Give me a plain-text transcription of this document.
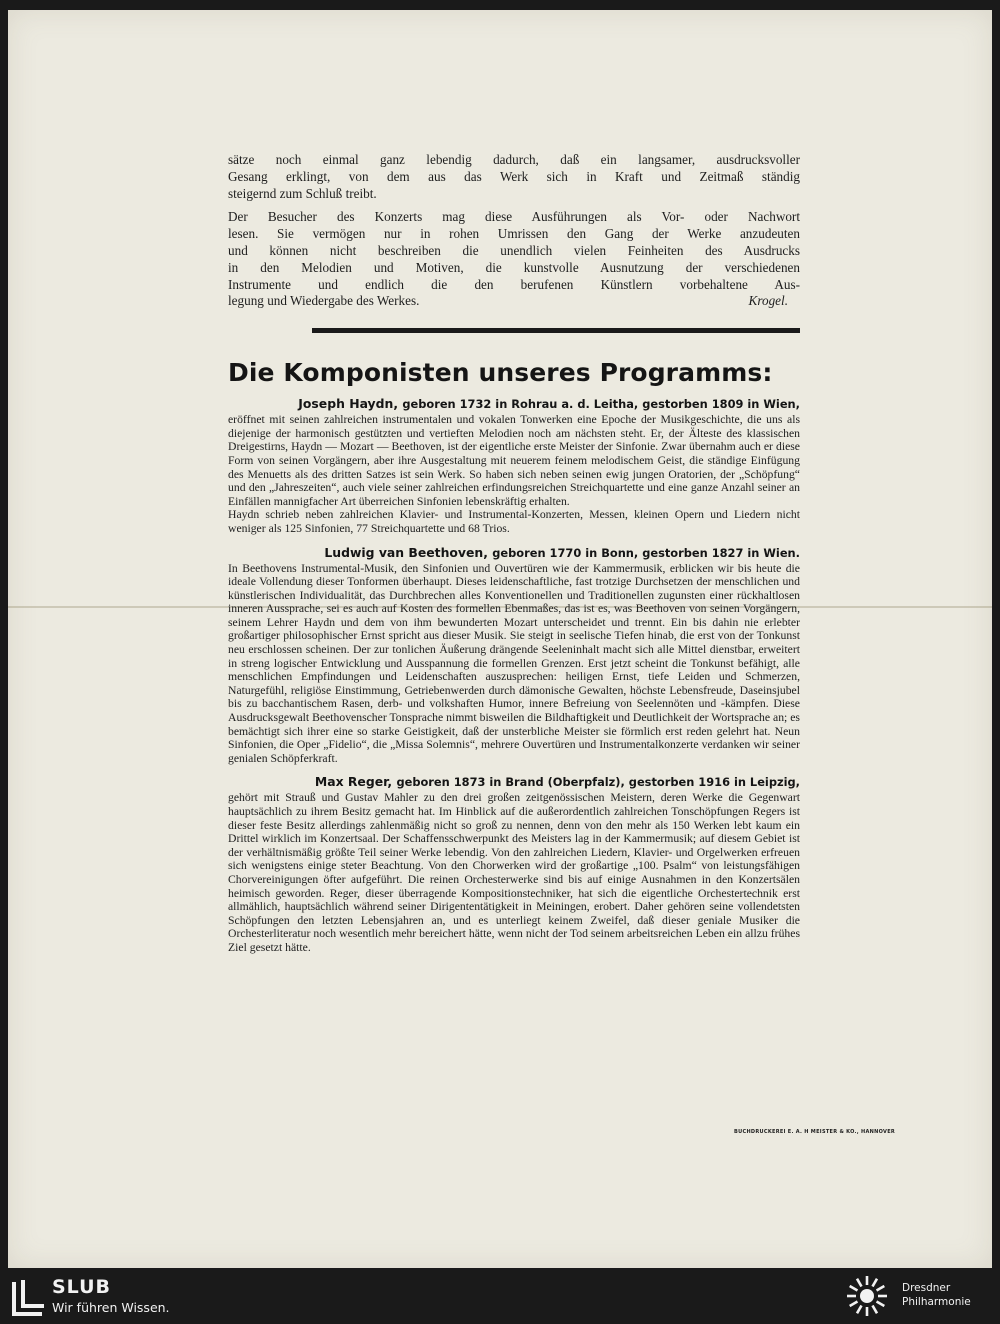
sätze noch einmal ganz lebendig dadurch, daß ein langsamer, ausdrucksvoller

Gesang erklingt, von dem aus das Werk sich in Kraft und Zeitmaß ständig

steigernd zum Schluß treibt.

Der Besucher des Konzerts mag diese Ausführungen als Vor- oder Nachwort

lesen. Sie vermögen nur in rohen Umrissen den Gang der Werke anzudeuten

und können nicht beschreiben die unendlich vielen Feinheiten des Ausdrucks

in den Melodien und Motiven, die kunstvolle Ausnutzung der verschiedenen

Instrumente und endlich die den berufenen Künstlern vorbehaltene Aus-

legung und Wiedergabe des Werkes.	Krogel.

Die Komponisten unseres Programms:
Joseph Haydn, geboren 1732 in Rohrau a. d. Leitha, gestorben 1809 in Wien,

eröffnet mit seinen zahlreichen instrumentalen und vokalen Tonwerken eine Epoche der Musikgeschichte, die uns als diejenige der harmonisch gestützten und vertieften Melodien noch am nächsten steht. Er, der Älteste des klassischen Dreigestirns, Haydn — Mozart — Beethoven, ist der eigentliche erste Meister der Sinfonie. Zwar übernahm auch er diese Form von seinen Vorgängern, aber ihre Ausgestaltung mit neuerem feinem melodischem Geist, die ständige Einfügung des Menuetts als des dritten Satzes ist sein Werk. So haben sich neben seinen ewig jungen Oratorien, der „Schöpfung“ und den „Jahreszeiten“, auch viele seiner zahlreichen erfindungsreichen Streichquartette und eine ganze Anzahl seiner an Einfällen mannigfacher Art überreichen Sinfonien lebenskräftig erhalten.

Haydn schrieb neben zahlreichen Klavier- und Instrumental-Konzerten, Messen, kleinen Opern und Liedern nicht weniger als 125 Sinfonien, 77 Streichquartette und 68 Trios.

Ludwig van Beethoven, geboren 1770 in Bonn, gestorben 1827 in Wien.

In Beethovens Instrumental-Musik, den Sinfonien und Ouvertüren wie der Kammermusik, erblicken wir bis heute die ideale Vollendung dieser Tonformen überhaupt. Dieses leidenschaftliche, fast trotzige Durchsetzen der menschlichen und künstlerischen Individualität, das Durchbrechen alles Konventionellen und Traditionellen zugunsten einer rückhaltlosen inneren Aussprache, sei es auch auf Kosten des formellen Ebenmaßes, das ist es, was Beethoven von seinen Vorgängern, seinem Lehrer Haydn und dem von ihm bewunderten Mozart unterscheidet und trennt. Ein bis dahin nie erlebter großartiger philosophischer Ernst spricht aus dieser Musik. Sie steigt in seelische Tiefen hinab, die erst von der Tonkunst neu erschlossen scheinen. Der zur tonlichen Äußerung drängende Seeleninhalt macht sich alle Mittel dienstbar, erweitert in streng logischer Entwicklung und Ausspannung die formellen Grenzen. Erst jetzt scheint die Tonkunst befähigt, alle menschlichen Empfindungen und Leidenschaften auszusprechen: heiligen Ernst, tiefe Leiden und Schmerzen, Naturgefühl, religiöse Einstimmung, Getriebenwerden durch dämonische Gewalten, höchste Lebensfreude, Daseinsjubel bis zu bacchantischem Rasen, derb- und volkshaften Humor, innere Befreiung von Seelennöten und -kämpfen. Diese Ausdrucksgewalt Beethovenscher Tonsprache nimmt bisweilen die Bildhaftigkeit und Deutlichkeit der Wortsprache an; es bemächtigt sich ihrer eine so starke Geistigkeit, daß der unsterbliche Meister sie förmlich erst reden gelehrt hat. Neun Sinfonien, die Oper „Fidelio“, die „Missa Solemnis“, mehrere Ouvertüren und Instrumentalkonzerte verdanken wir seiner genialen Schöpferkraft.

Max Reger, geboren 1873 in Brand (Oberpfalz), gestorben 1916 in Leipzig,

gehört mit Strauß und Gustav Mahler zu den drei großen zeitgenössischen Meistern, deren Werke die Gegenwart hauptsächlich zu ihrem Besitz gemacht hat. Im Hinblick auf die außerordentlich zahlreichen Tonschöpfungen Regers ist dieser feste Besitz allerdings zahlenmäßig nicht so groß zu nennen, denn von den mehr als 150 Werken lebt kaum ein Drittel wirklich im Konzertsaal. Der Schaffensschwerpunkt des Meisters lag in der Kammermusik; auf diesem Gebiet ist der verhältnismäßig größte Teil seiner Werke lebendig. Von den zahlreichen Liedern, Klavier- und Orgelwerken erfreuen sich wenigstens einige steter Beachtung. Von den Chorwerken wird der großartige „100. Psalm“ von leistungsfähigen Chorvereinigungen öfter aufgeführt. Die reinen Orchesterwerke sind bis auf einige Ausnahmen in den Konzertsälen heimisch geworden. Reger, dieser überragende Kompositionstechniker, hat sich die eigentliche Orchestertechnik erst allmählich, hauptsächlich während seiner Dirigententätigkeit in Meiningen, erobert. Daher gehören seine vollendetsten Schöpfungen den letzten Lebensjahren an, und es unterliegt keinem Zweifel, daß dieser geniale Musiker die Orchesterliteratur noch wesentlich mehr bereichert hätte, wenn nicht der Tod seinem arbeitsreichen Leben ein allzu frühes Ziel gesetzt hätte.

BUCHDRUCKEREI E. A. H MEISTER & KO., HANNOVER
SLUB
Wir führen Wissen.
Dresdner
Philharmonie
